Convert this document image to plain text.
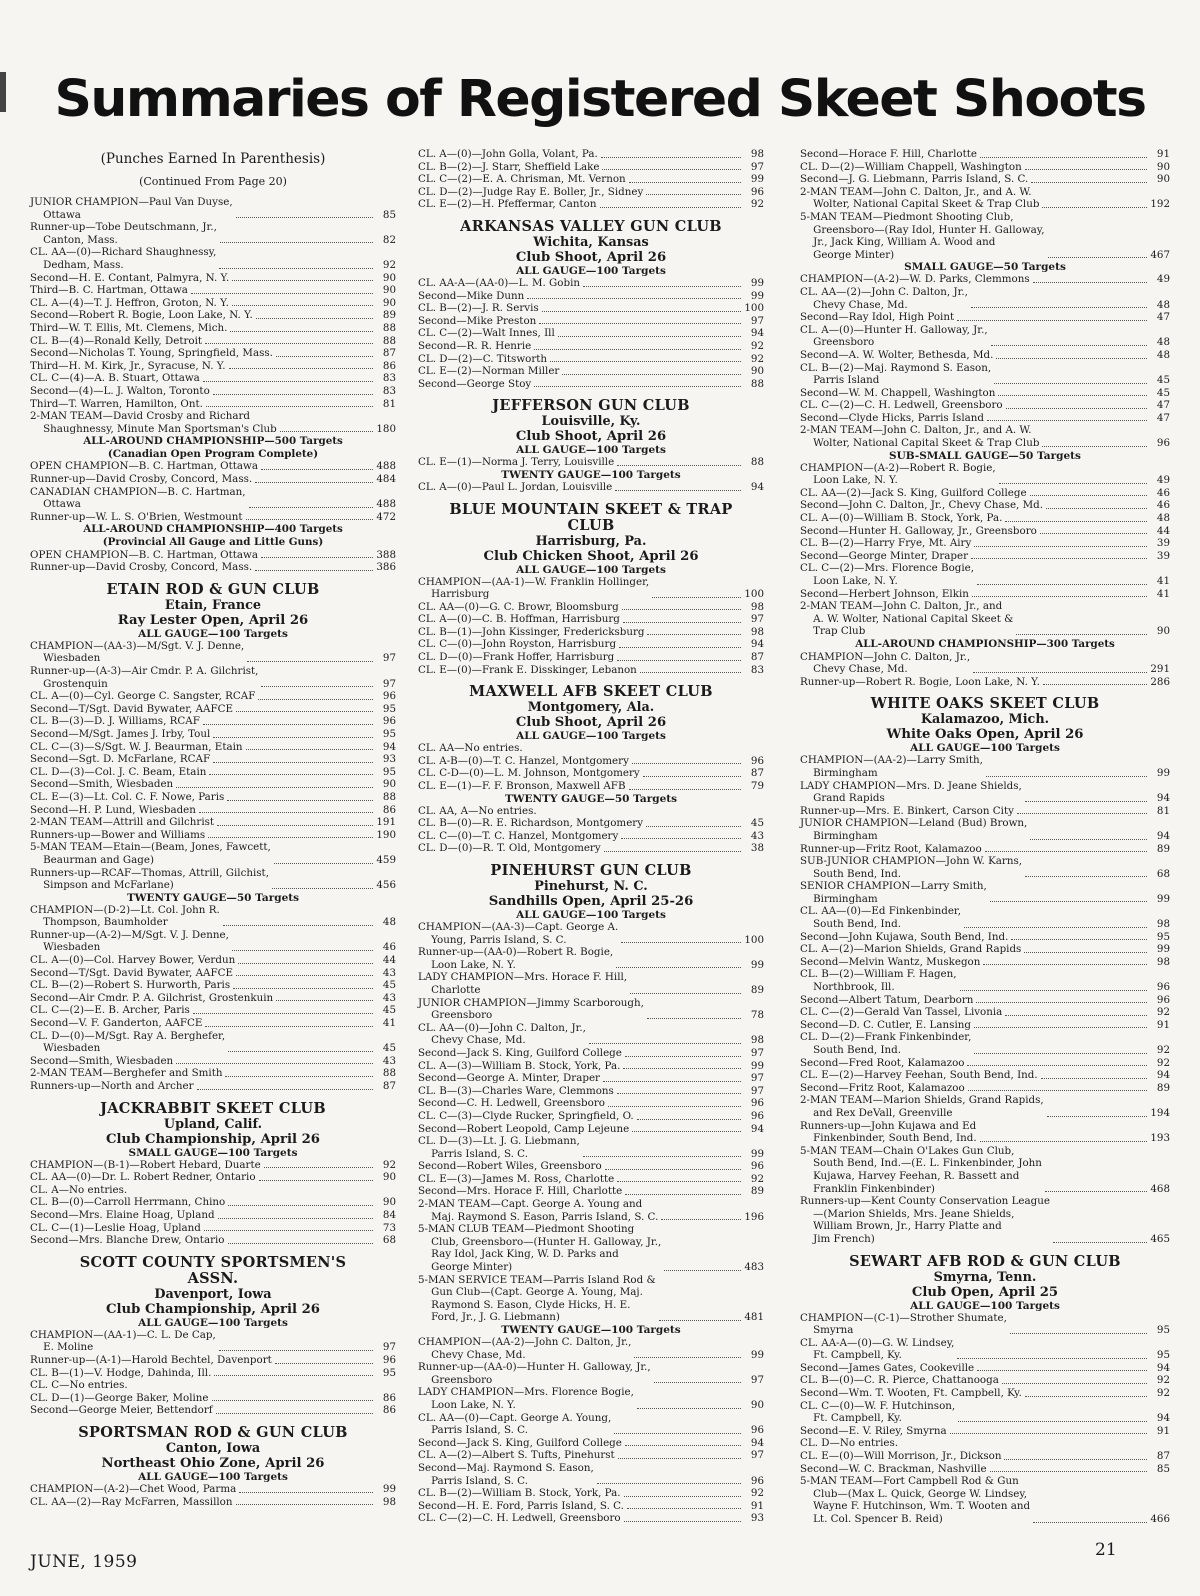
Summaries of Registered Skeet Shoots
(Punches Earned In Parenthesis)
(Continued From Page 20)
JUNIOR CHAMPION—Paul Van Duyse,
Ottawa	85
Runner-up—Tobe Deutschmann, Jr.,
Canton, Mass.	82
CL. AA—(0)—Richard Shaughnessy,
Dedham, Mass.	92
Second—H. E. Contant, Palmyra, N. Y.	90
Third—B. C. Hartman, Ottawa	90
CL. A—(4)—T. J. Heffron, Groton, N. Y.	90
Second—Robert R. Bogie, Loon Lake, N. Y.	89
Third—W. T. Ellis, Mt. Clemens, Mich.	88
CL. B—(4)—Ronald Kelly, Detroit	88
Second—Nicholas T. Young, Springfield, Mass.	87
Third—H. M. Kirk, Jr., Syracuse, N. Y.	86
CL. C—(4)—A. B. Stuart, Ottawa	83
Second—(4)—L. J. Walton, Toronto	83
Third—T. Warren, Hamilton, Ont.	81
2-MAN TEAM—David Crosby and Richard
Shaughnessy, Minute Man Sportsman's Club	180
ALL-AROUND CHAMPIONSHIP—500 Targets
(Canadian Open Program Complete)
OPEN CHAMPION—B. C. Hartman, Ottawa	488
Runner-up—David Crosby, Concord, Mass.	484
CANADIAN CHAMPION—B. C. Hartman,
Ottawa	488
Runner-up—W. L. S. O'Brien, Westmount	472
ALL-AROUND CHAMPIONSHIP—400 Targets
(Provincial All Gauge and Little Guns)
OPEN CHAMPION—B. C. Hartman, Ottawa	388
Runner-up—David Crosby, Concord, Mass.	386
ETAIN ROD & GUN CLUB
Etain, France
Ray Lester Open, April 26
ALL GAUGE—100 Targets
CHAMPION—(AA-3)—M/Sgt. V. J. Denne,
Wiesbaden	97
Runner-up—(A-3)—Air Cmdr. P. A. Gilchrist,
Grostenquin	97
CL. A—(0)—Cyl. George C. Sangster, RCAF	96
Second—T/Sgt. David Bywater, AAFCE	95
CL. B—(3)—D. J. Williams, RCAF	96
Second—M/Sgt. James J. Irby, Toul	95
CL. C—(3)—S/Sgt. W. J. Beaurman, Etain	94
Second—Sgt. D. McFarlane, RCAF	93
CL. D—(3)—Col. J. C. Beam, Etain	95
Second—Smith, Wiesbaden	90
CL. E—(3)—Lt. Col. C. F. Nowe, Paris	88
Second—H. P. Lund, Wiesbaden	86
2-MAN TEAM—Attrill and Gilchrist	191
Runners-up—Bower and Williams	190
5-MAN TEAM—Etain—(Beam, Jones, Fawcett,
Beaurman and Gage)	459
Runners-up—RCAF—Thomas, Attrill, Gilchist,
Simpson and McFarlane)	456
TWENTY GAUGE—50 Targets
CHAMPION—(D-2)—Lt. Col. John R.
Thompson, Baumholder	48
Runner-up—(A-2)—M/Sgt. V. J. Denne,
Wiesbaden	46
CL. A—(0)—Col. Harvey Bower, Verdun	44
Second—T/Sgt. David Bywater, AAFCE	43
CL. B—(2)—Robert S. Hurworth, Paris	45
Second—Air Cmdr. P. A. Gilchrist, Grostenkuin	43
CL. C—(2)—E. B. Archer, Paris	45
Second—V. F. Ganderton, AAFCE	41
CL. D—(0)—M/Sgt. Ray A. Berghefer,
Wiesbaden	45
Second—Smith, Wiesbaden	43
2-MAN TEAM—Berghefer and Smith	88
Runners-up—North and Archer	87
JACKRABBIT SKEET CLUB
Upland, Calif.
Club Championship, April 26
SMALL GAUGE—100 Targets
CHAMPION—(B-1)—Robert Hebard, Duarte	92
CL. AA—(0)—Dr. L. Robert Redner, Ontario	90
CL. A—No entries.
CL. B—(0)—Carroll Herrmann, Chino	90
Second—Mrs. Elaine Hoag, Upland	84
CL. C—(1)—Leslie Hoag, Upland	73
Second—Mrs. Blanche Drew, Ontario	68
SCOTT COUNTY SPORTSMEN'S
ASSN.
Davenport, Iowa
Club Championship, April 26
ALL GAUGE—100 Targets
CHAMPION—(AA-1)—C. L. De Cap,
E. Moline	97
Runner-up—(A-1)—Harold Bechtel, Davenport	96
CL. B—(1)—V. Hodge, Dahinda, Ill.	95
CL. C—No entries.
CL. D—(1)—George Baker, Moline	86
Second—George Meier, Bettendorf	86
SPORTSMAN ROD & GUN CLUB
Canton, Iowa
Northeast Ohio Zone, April 26
ALL GAUGE—100 Targets
CHAMPION—(A-2)—Chet Wood, Parma	99
CL. AA—(2)—Ray McFarren, Massillon	98
CL. A—(0)—John Golla, Volant, Pa.	98
CL. B—(2)—J. Starr, Sheffield Lake	97
CL. C—(2)—E. A. Chrisman, Mt. Vernon	99
CL. D—(2)—Judge Ray E. Boller, Jr., Sidney	96
CL. E—(2)—H. Pfeffermar, Canton	92
ARKANSAS VALLEY GUN CLUB
Wichita, Kansas
Club Shoot, April 26
ALL GAUGE—100 Targets
CL. AA-A—(AA-0)—L. M. Gobin	99
Second—Mike Dunn	99
CL. B—(2)—J. R. Servis	100
Second—Mike Preston	97
CL. C—(2)—Walt Innes, Ill	94
Second—R. R. Henrie	92
CL. D—(2)—C. Titsworth	92
CL. E—(2)—Norman Miller	90
Second—George Stoy	88
JEFFERSON GUN CLUB
Louisville, Ky.
Club Shoot, April 26
ALL GAUGE—100 Targets
CL. E—(1)—Norma J. Terry, Louisville	88
TWENTY GAUGE—100 Targets
CL. A—(0)—Paul L. Jordan, Louisville	94
BLUE MOUNTAIN SKEET & TRAP
CLUB
Harrisburg, Pa.
Club Chicken Shoot, April 26
ALL GAUGE—100 Targets
CHAMPION—(AA-1)—W. Franklin Hollinger,
Harrisburg	100
CL. AA—(0)—G. C. Browr, Bloomsburg	98
CL. A—(0)—C. B. Hoffman, Harrisburg	97
CL. B—(1)—John Kissinger, Fredericksburg	98
CL. C—(0)—John Royston, Harrisburg	94
CL. D—(0)—Frank Hoffer, Harrisburg	87
CL. E—(0)—Frank E. Disskinger, Lebanon	83
MAXWELL AFB SKEET CLUB
Montgomery, Ala.
Club Shoot, April 26
ALL GAUGE—100 Targets
CL. AA—No entries.
CL. A-B—(0)—T. C. Hanzel, Montgomery	96
CL. C-D—(0)—L. M. Johnson, Montgomery	87
CL. E—(1)—F. F. Bronson, Maxwell AFB	79
TWENTY GAUGE—50 Targets
CL. AA, A—No entries.
CL. B—(0)—R. E. Richardson, Montgomery	45
CL. C—(0)—T. C. Hanzel, Montgomery	43
CL. D—(0)—R. T. Old, Montgomery	38
PINEHURST GUN CLUB
Pinehurst, N. C.
Sandhills Open, April 25-26
ALL GAUGE—100 Targets
CHAMPION—(AA-3)—Capt. George A.
Young, Parris Island, S. C.	100
Runner-up—(AA-0)—Robert R. Bogie,
Loon Lake, N. Y.	99
LADY CHAMPION—Mrs. Horace F. Hill,
Charlotte	89
JUNIOR CHAMPION—Jimmy Scarborough,
Greensboro	78
CL. AA—(0)—John C. Dalton, Jr.,
Chevy Chase, Md.	98
Second—Jack S. King, Guilford College	97
CL. A—(3)—William B. Stock, York, Pa.	99
Second—George A. Minter, Draper	97
CL. B—(3)—Charles Ware, Clemmons	97
Second—C. H. Ledwell, Greensboro	96
CL. C—(3)—Clyde Rucker, Springfield, O.	96
Second—Robert Leopold, Camp Lejeune	94
CL. D—(3)—Lt. J. G. Liebmann,
Parris Island, S. C.	99
Second—Robert Wiles, Greensboro	96
CL. E—(3)—James M. Ross, Charlotte	92
Second—Mrs. Horace F. Hill, Charlotte	89
2-MAN TEAM—Capt. George A. Young and
Maj. Raymond S. Eason, Parris Island, S. C.	196
5-MAN CLUB TEAM—Piedmont Shooting
Club, Greensboro—(Hunter H. Galloway, Jr.,
Ray Idol, Jack King, W. D. Parks and
George Minter)	483
5-MAN SERVICE TEAM—Parris Island Rod &
Gun Club—(Capt. George A. Young, Maj.
Raymond S. Eason, Clyde Hicks, H. E.
Ford, Jr., J. G. Liebmann)	481
TWENTY GAUGE—100 Targets
CHAMPION—(AA-2)—John C. Dalton, Jr.,
Chevy Chase, Md.	99
Runner-up—(AA-0)—Hunter H. Galloway, Jr.,
Greensboro	97
LADY CHAMPION—Mrs. Florence Bogie,
Loon Lake, N. Y.	90
CL. AA—(0)—Capt. George A. Young,
Parris Island, S. C.	96
Second—Jack S. King, Guilford College	94
CL. A—(2)—Albert S. Tufts, Pinehurst	97
Second—Maj. Raymond S. Eason,
Parris Island, S. C.	96
CL. B—(2)—William B. Stock, York, Pa.	92
Second—H. E. Ford, Parris Island, S. C.	91
CL. C—(2)—C. H. Ledwell, Greensboro	93
Second—Horace F. Hill, Charlotte	91
CL. D—(2)—William Chappell, Washington	90
Second—J. G. Liebmann, Parris Island, S. C.	90
2-MAN TEAM—John C. Dalton, Jr., and A. W.
Wolter, National Capital Skeet & Trap Club	192
5-MAN TEAM—Piedmont Shooting Club,
Greensboro—(Ray Idol, Hunter H. Galloway,
Jr., Jack King, William A. Wood and
George Minter)	467
SMALL GAUGE—50 Targets
CHAMPION—(A-2)—W. D. Parks, Clemmons	49
CL. AA—(2)—John C. Dalton, Jr.,
Chevy Chase, Md.	48
Second—Ray Idol, High Point	47
CL. A—(0)—Hunter H. Galloway, Jr.,
Greensboro	48
Second—A. W. Wolter, Bethesda, Md.	48
CL. B—(2)—Maj. Raymond S. Eason,
Parris Island	45
Second—W. M. Chappell, Washington	45
CL. C—(2)—C. H. Ledwell, Greensboro	47
Second—Clyde Hicks, Parris Island	47
2-MAN TEAM—John C. Dalton, Jr., and A. W.
Wolter, National Capital Skeet & Trap Club	96
SUB-SMALL GAUGE—50 Targets
CHAMPION—(A-2)—Robert R. Bogie,
Loon Lake, N. Y.	49
CL. AA—(2)—Jack S. King, Guilford College	46
Second—John C. Dalton, Jr., Chevy Chase, Md.	46
CL. A—(0)—William B. Stock, York, Pa.	48
Second—Hunter H. Galloway, Jr., Greensboro	44
CL. B—(2)—Harry Frye, Mt. Airy	39
Second—George Minter, Draper	39
CL. C—(2)—Mrs. Florence Bogie,
Loon Lake, N. Y.	41
Second—Herbert Johnson, Elkin	41
2-MAN TEAM—John C. Dalton, Jr., and
A. W. Wolter, National Capital Skeet &
Trap Club	90
ALL-AROUND CHAMPIONSHIP—300 Targets
CHAMPION—John C. Dalton, Jr.,
Chevy Chase, Md.	291
Runner-up—Robert R. Bogie, Loon Lake, N. Y.	286
WHITE OAKS SKEET CLUB
Kalamazoo, Mich.
White Oaks Open, April 26
ALL GAUGE—100 Targets
CHAMPION—(AA-2)—Larry Smith,
Birmingham	99
LADY CHAMPION—Mrs. D. Jeane Shields,
Grand Rapids	94
Runner-up—Mrs. E. Binkert, Carson City	81
JUNIOR CHAMPION—Leland (Bud) Brown,
Birmingham	94
Runner-up—Fritz Root, Kalamazoo	89
SUB-JUNIOR CHAMPION—John W. Karns,
South Bend, Ind.	68
SENIOR CHAMPION—Larry Smith,
Birmingham	99
CL. AA—(0)—Ed Finkenbinder,
South Bend, Ind.	98
Second—John Kujawa, South Bend, Ind.	95
CL. A—(2)—Marion Shields, Grand Rapids	99
Second—Melvin Wantz, Muskegon	98
CL. B—(2)—William F. Hagen,
Northbrook, Ill.	96
Second—Albert Tatum, Dearborn	96
CL. C—(2)—Gerald Van Tassel, Livonia	92
Second—D. C. Cutler, E. Lansing	91
CL. D—(2)—Frank Finkenbinder,
South Bend, Ind.	92
Second—Fred Root, Kalamazoo	92
CL. E—(2)—Harvey Feehan, South Bend, Ind.	94
Second—Fritz Root, Kalamazoo	89
2-MAN TEAM—Marion Shields, Grand Rapids,
and Rex DeVall, Greenville	194
Runners-up—John Kujawa and Ed
Finkenbinder, South Bend, Ind.	193
5-MAN TEAM—Chain O'Lakes Gun Club,
South Bend, Ind.—(E. L. Finkenbinder, John
Kujawa, Harvey Feehan, R. Bassett and
Franklin Finkenbinder)	468
Runners-up—Kent County Conservation League
—(Marion Shields, Mrs. Jeane Shields,
William Brown, Jr., Harry Platte and
Jim French)	465
SEWART AFB ROD & GUN CLUB
Smyrna, Tenn.
Club Open, April 25
ALL GAUGE—100 Targets
CHAMPION—(C-1)—Strother Shumate,
Smyrna	95
CL. AA-A—(0)—G. W. Lindsey,
Ft. Campbell, Ky.	95
Second—James Gates, Cookeville	94
CL. B—(0)—C. R. Pierce, Chattanooga	92
Second—Wm. T. Wooten, Ft. Campbell, Ky.	92
CL. C—(0)—W. F. Hutchinson,
Ft. Campbell, Ky.	94
Second—E. V. Riley, Smyrna	91
CL. D—No entries.
CL. E—(0)—Will Morrison, Jr., Dickson	87
Second—W. C. Brackman, Nashville	85
5-MAN TEAM—Fort Campbell Rod & Gun
Club—(Max L. Quick, George W. Lindsey,
Wayne F. Hutchinson, Wm. T. Wooten and
Lt. Col. Spencer B. Reid)	466
JUNE, 1959
21
